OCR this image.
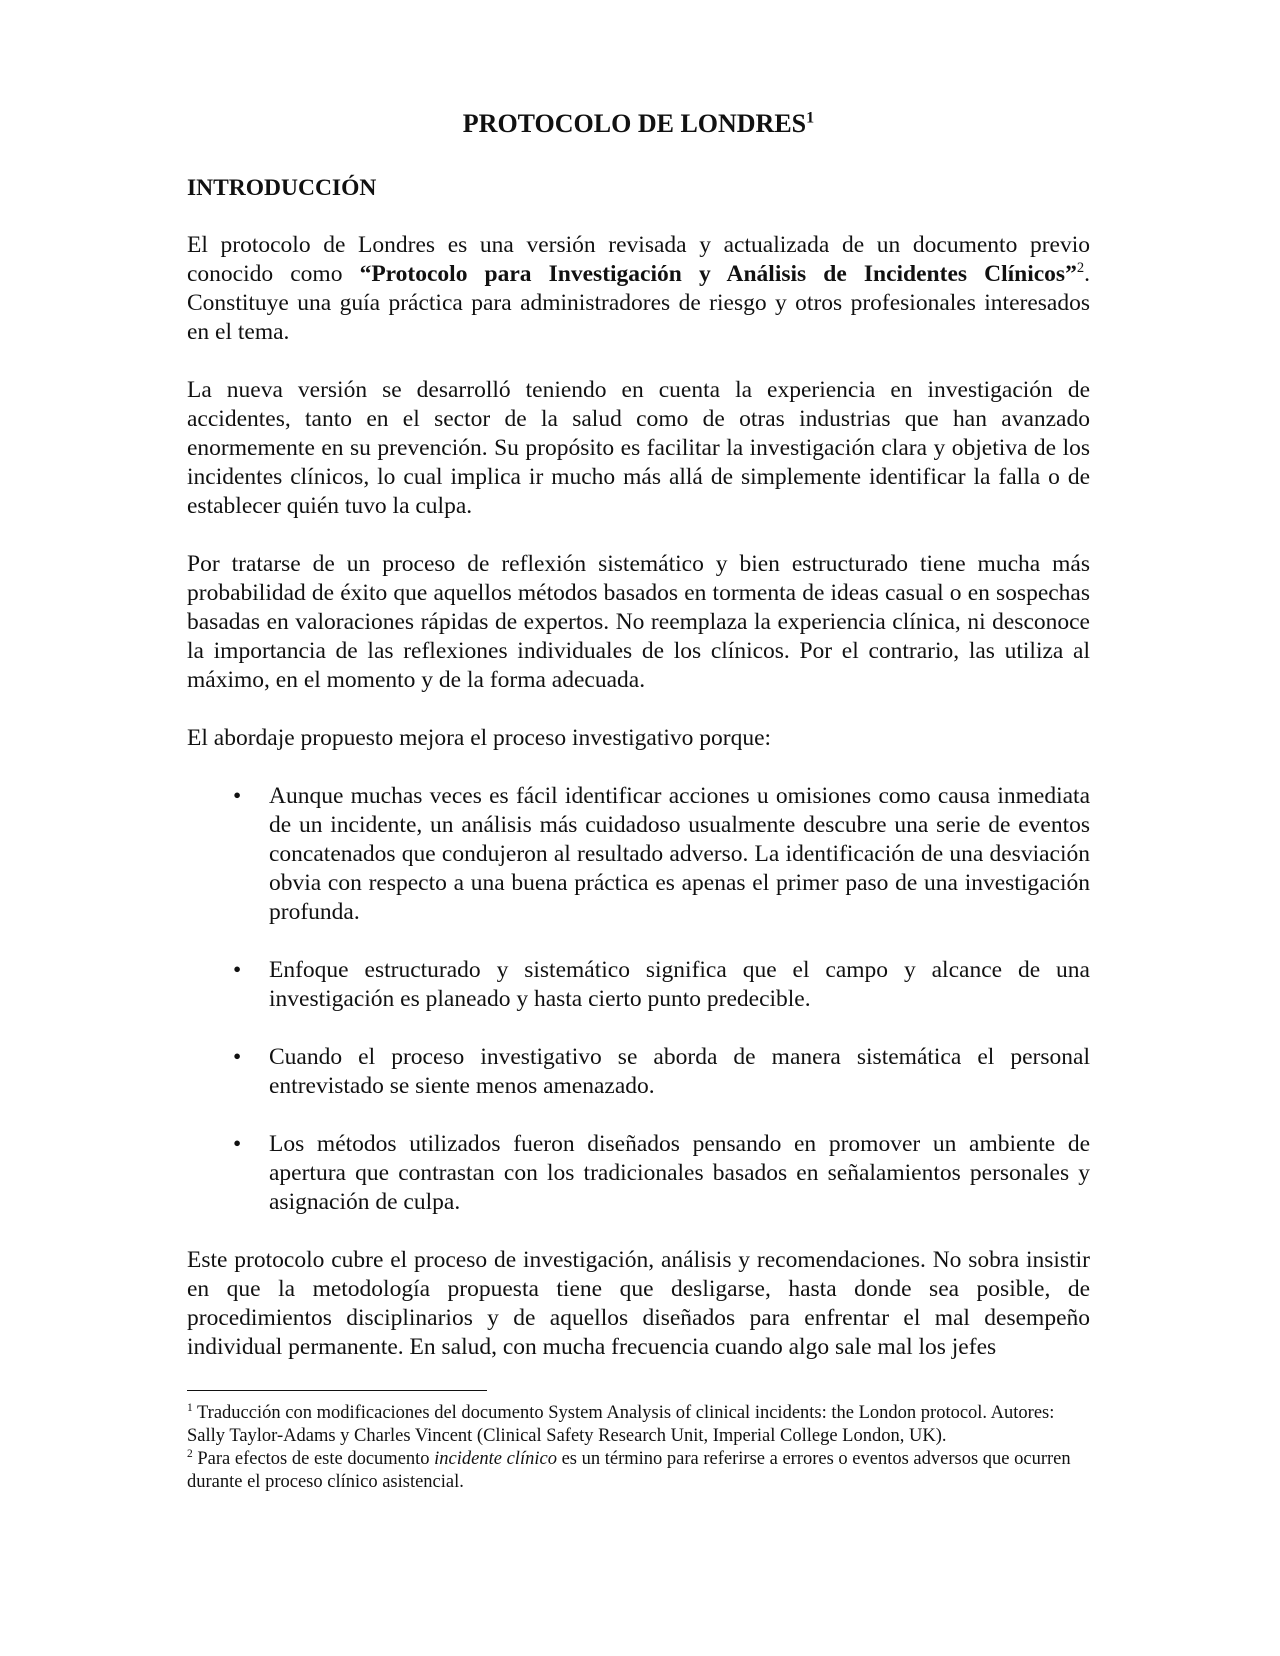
PROTOCOLO DE LONDRES$^1$
INTRODUCCIÓN

El protocolo de Londres es una versión revisada y actualizada de un documento previo conocido como “Protocolo para Investigación y Análisis de Incidentes Clínicos”$^2$. Constituye una guía práctica para administradores de riesgo y otros profesionales interesados en el tema.

La nueva versión se desarrolló teniendo en cuenta la experiencia en investigación de accidentes, tanto en el sector de la salud como de otras industrias que han avanzado enormemente en su prevención. Su propósito es facilitar la investigación clara y objetiva de los incidentes clínicos, lo cual implica ir mucho más allá de simplemente identificar la falla o de establecer quién tuvo la culpa.

Por tratarse de un proceso de reflexión sistemático y bien estructurado tiene mucha más probabilidad de éxito que aquellos métodos basados en tormenta de ideas casual o en sospechas basadas en valoraciones rápidas de expertos. No reemplaza la experiencia clínica, ni desconoce la importancia de las reflexiones individuales de los clínicos. Por el contrario, las utiliza al máximo, en el momento y de la forma adecuada.

El abordaje propuesto mejora el proceso investigativo porque:

• Aunque muchas veces es fácil identificar acciones u omisiones como causa inmediata de un incidente, un análisis más cuidadoso usualmente descubre una serie de eventos concatenados que condujeron al resultado adverso. La identificación de una desviación obvia con respecto a una buena práctica es apenas el primer paso de una investigación profunda.
• Enfoque estructurado y sistemático significa que el campo y alcance de una investigación es planeado y hasta cierto punto predecible.
• Cuando el proceso investigativo se aborda de manera sistemática el personal entrevistado se siente menos amenazado.
• Los métodos utilizados fueron diseñados pensando en promover un ambiente de apertura que contrastan con los tradicionales basados en señalamientos personales y asignación de culpa.

Este protocolo cubre el proceso de investigación, análisis y recomendaciones. No sobra insistir en que la metodología propuesta tiene que desligarse, hasta donde sea posible, de procedimientos disciplinarios y de aquellos diseñados para enfrentar el mal desempeño individual permanente. En salud, con mucha frecuencia cuando algo sale mal los jefes

$^1$ Traducción con modificaciones del documento System Analysis of clinical incidents: the London protocol. Autores: Sally Taylor-Adams y Charles Vincent (Clinical Safety Research Unit, Imperial College London, UK).

$^2$ Para efectos de este documento incidente clínico es un término para referirse a errores o eventos adversos que ocurren durante el proceso clínico asistencial.
